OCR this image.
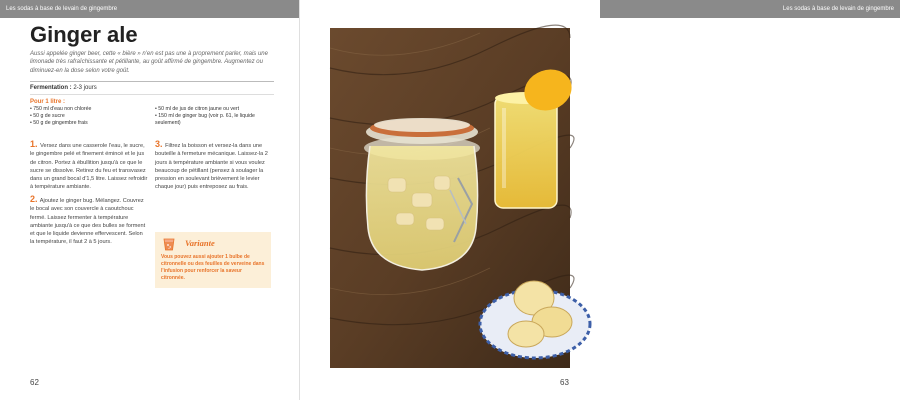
Les sodas à base de levain de gingembre
Ginger ale
Aussi appelée ginger beer, cette « bière » n'en est pas une à proprement parler, mais une limonade très rafraîchissante et pétillante, au goût affirmé de gingembre. Augmentez ou diminuez-en la dose selon votre goût.
Fermentation : 2-3 jours
Pour 1 litre :
• 750 ml d'eau non chlorée
• 50 g de sucre
• 50 g de gingembre frais
• 50 ml de jus de citron jaune ou vert
• 150 ml de ginger bug (voir p. 61, le liquide seulement)
1. Versez dans une casserole l'eau, le sucre, le gingembre pelé et finement émincé et le jus de citron. Portez à ébullition jusqu'à ce que le sucre se dissolve. Retirez du feu et transvasez dans un grand bocal d'1,5 litre. Laissez refroidir à température ambiante.
2. Ajoutez le ginger bug. Mélangez. Couvrez le bocal avec son couvercle à caoutchouc fermé. Laissez fermenter à température ambiante jusqu'à ce que des bulles se forment et que le liquide devienne effervescent. Selon la température, il faut 2 à 5 jours.
3. Filtrez la boisson et versez-la dans une bouteille à fermeture mécanique. Laissez-la 2 jours à température ambiante si vous voulez beaucoup de pétillant (pensez à soulager la pression en soulevant brièvement le levier chaque jour) puis entreposez au frais.
Variante
Vous pouvez aussi ajouter 1 bulbe de citronnelle ou des feuilles de verveine dans l'infusion pour renforcer la saveur citronnée.
62
Les sodas à base de levain de gingembre
63
